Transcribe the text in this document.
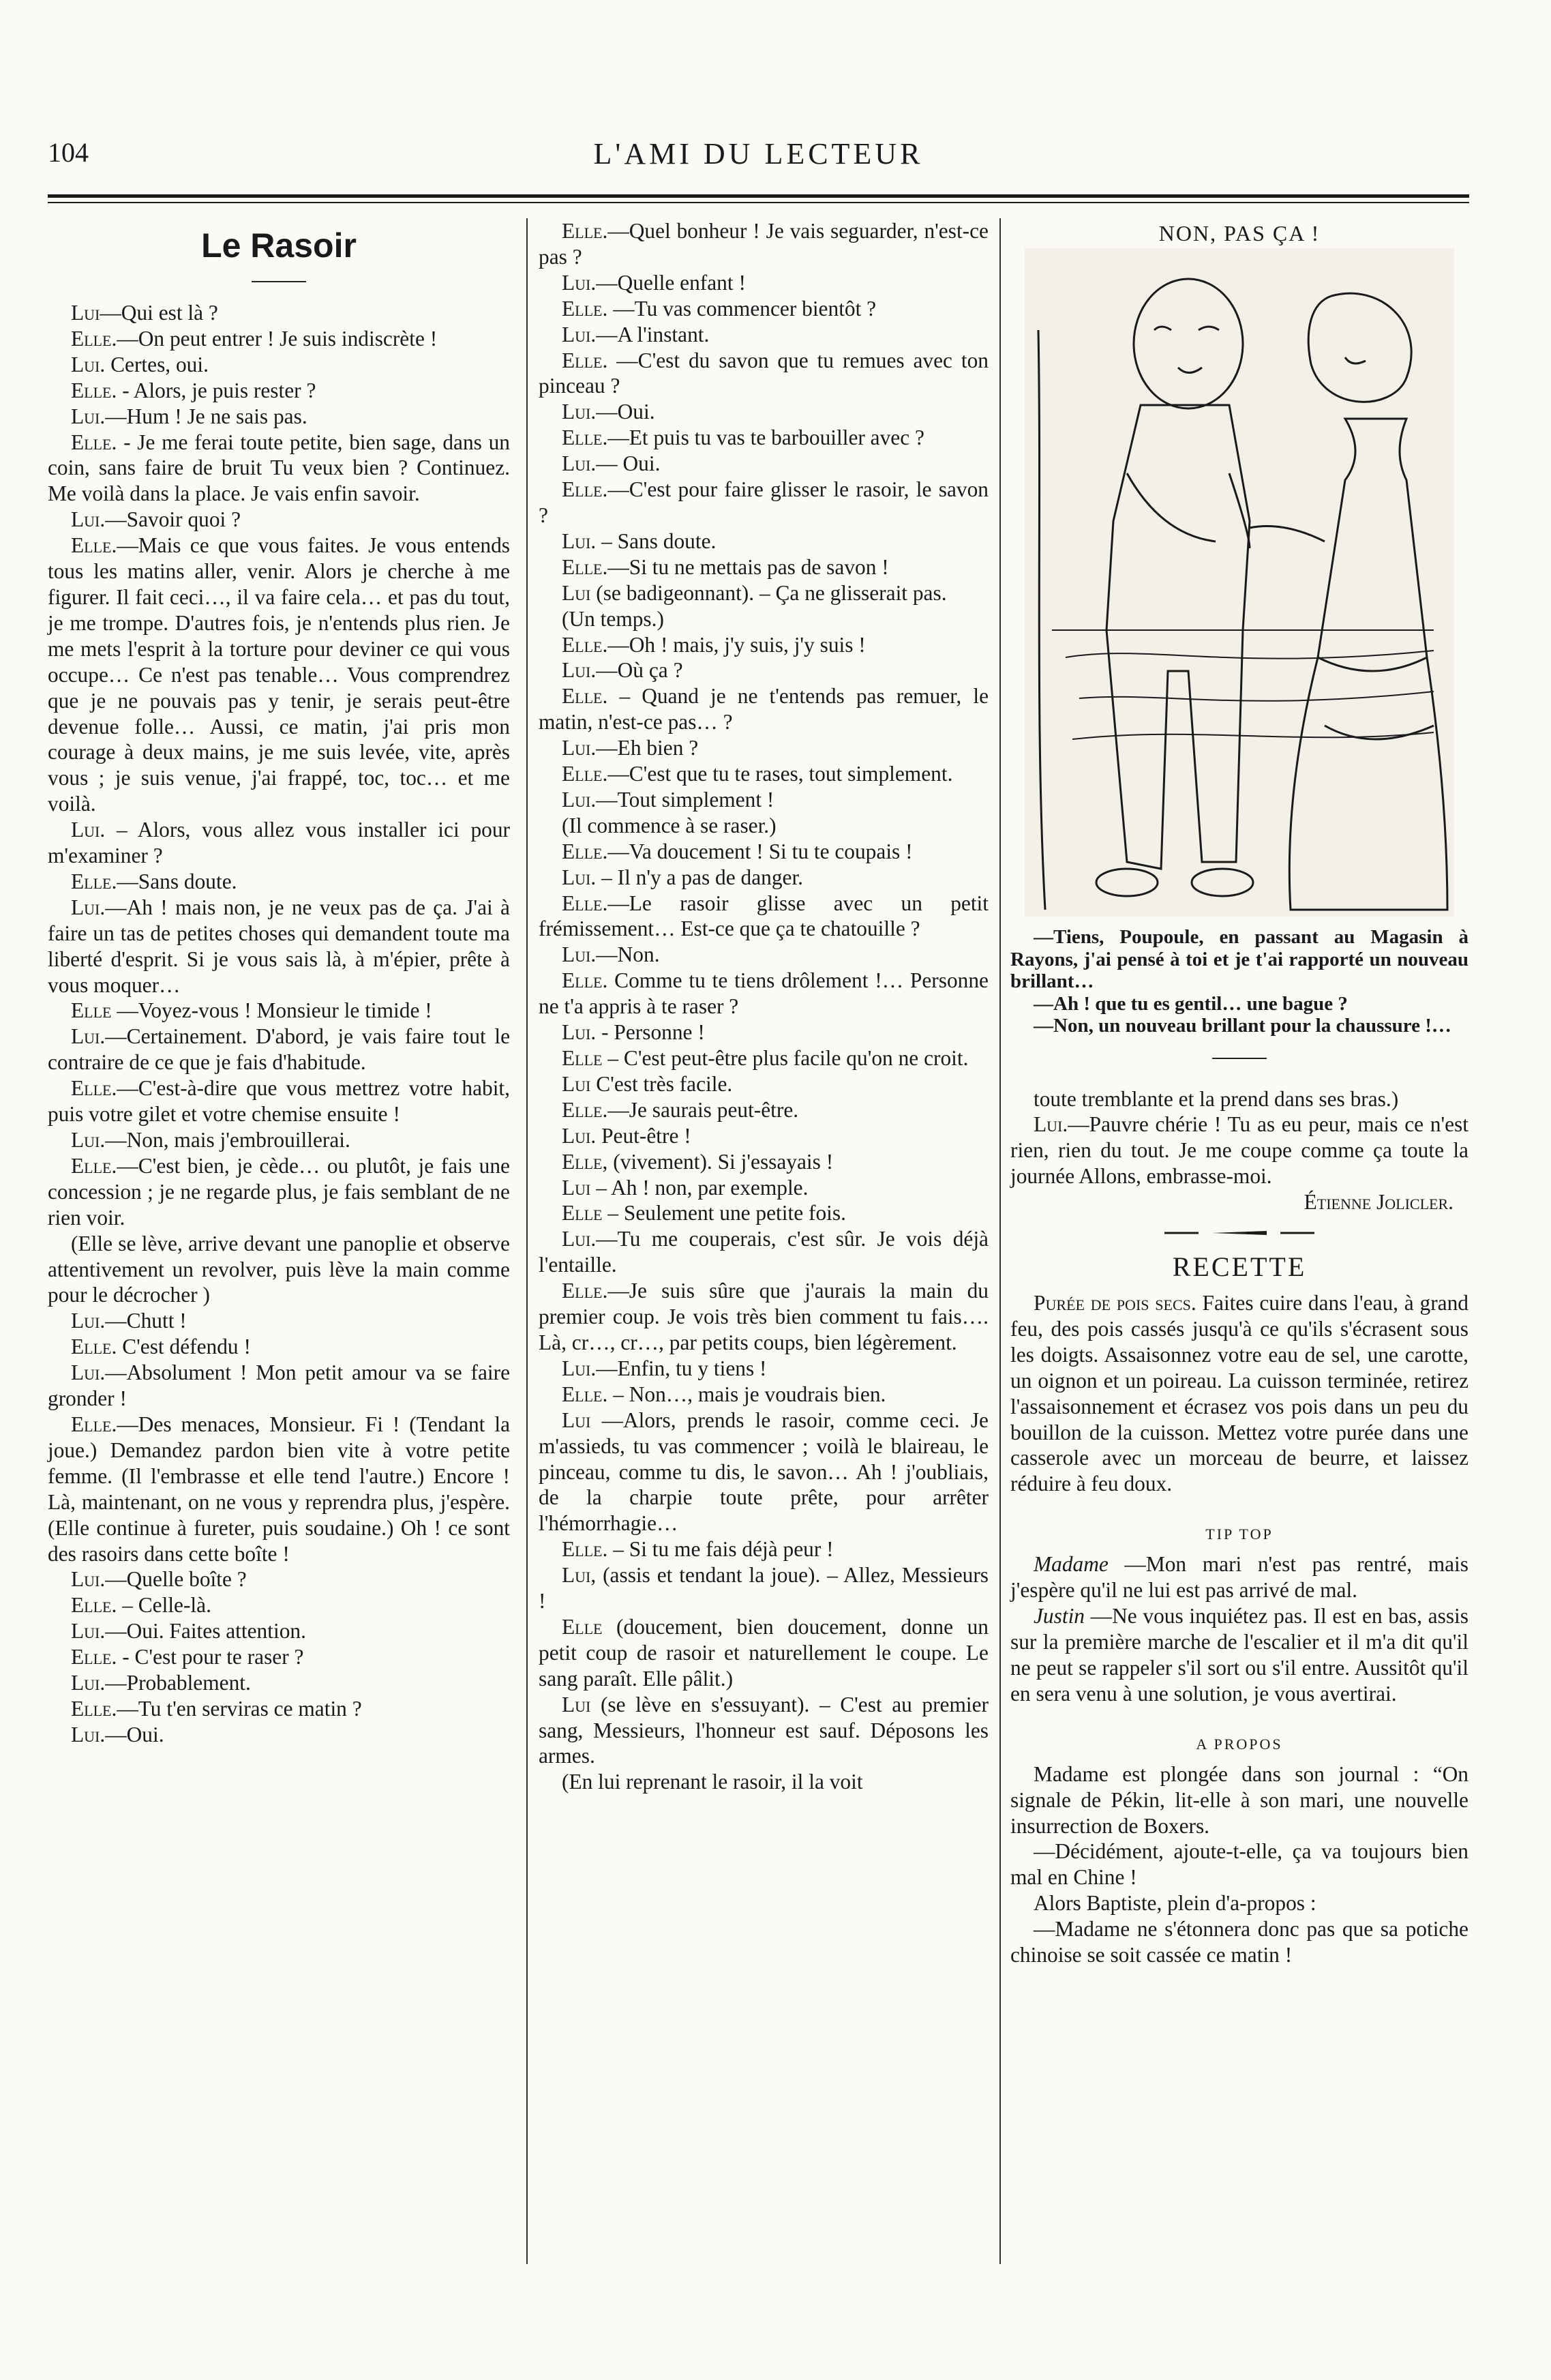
104	L'AMI DU LECTEUR
Le Rasoir

Lui—Qui est là ?

Elle.—On peut entrer ! Je suis indiscrète !

Lui. Certes, oui.

Elle. - Alors, je puis rester ?

Lui.—Hum ! Je ne sais pas.

Elle. - Je me ferai toute petite, bien sage, dans un coin, sans faire de bruit Tu veux bien ? Continuez. Me voilà dans la place. Je vais enfin savoir.

Lui.—Savoir quoi ?

Elle.—Mais ce que vous faites. Je vous entends tous les matins aller, venir. Alors je cherche à me figurer. Il fait ceci…, il va faire cela… et pas du tout, je me trompe. D'autres fois, je n'entends plus rien. Je me mets l'esprit à la torture pour deviner ce qui vous occupe… Ce n'est pas tenable… Vous comprendrez que je ne pouvais pas y tenir, je serais peut-être devenue folle… Aussi, ce matin, j'ai pris mon courage à deux mains, je me suis levée, vite, après vous ; je suis venue, j'ai frappé, toc, toc… et me voilà.

Lui. – Alors, vous allez vous installer ici pour m'examiner ?

Elle.—Sans doute.

Lui.—Ah ! mais non, je ne veux pas de ça. J'ai à faire un tas de petites choses qui demandent toute ma liberté d'esprit. Si je vous sais là, à m'épier, prête à vous moquer…

Elle —Voyez-vous ! Monsieur le timide !

Lui.—Certainement. D'abord, je vais faire tout le contraire de ce que je fais d'habitude.

Elle.—C'est-à-dire que vous mettrez votre habit, puis votre gilet et votre chemise ensuite !

Lui.—Non, mais j'embrouillerai.

Elle.—C'est bien, je cède… ou plutôt, je fais une concession ; je ne regarde plus, je fais semblant de ne rien voir.

(Elle se lève, arrive devant une panoplie et observe attentivement un revolver, puis lève la main comme pour le décrocher )

Lui.—Chutt !

Elle. C'est défendu !

Lui.—Absolument ! Mon petit amour va se faire gronder !

Elle.—Des menaces, Monsieur. Fi ! (Tendant la joue.) Demandez pardon bien vite à votre petite femme. (Il l'embrasse et elle tend l'autre.) Encore ! Là, maintenant, on ne vous y reprendra plus, j'espère. (Elle continue à fureter, puis soudaine.) Oh ! ce sont des rasoirs dans cette boîte !

Lui.—Quelle boîte ?

Elle. – Celle-là.

Lui.—Oui. Faites attention.

Elle. - C'est pour te raser ?

Lui.—Probablement.

Elle.—Tu t'en serviras ce matin ?

Lui.—Oui.

Elle.—Quel bonheur ! Je vais seguarder, n'est-ce pas ?

Lui.—Quelle enfant !

Elle. —Tu vas commencer bientôt ?

Lui.—A l'instant.

Elle. —C'est du savon que tu remues avec ton pinceau ?

Lui.—Oui.

Elle.—Et puis tu vas te barbouiller avec ?

Lui.— Oui.

Elle.—C'est pour faire glisser le rasoir, le savon ?

Lui. – Sans doute.

Elle.—Si tu ne mettais pas de savon !

Lui (se badigeonnant). – Ça ne glisserait pas.

(Un temps.)

Elle.—Oh ! mais, j'y suis, j'y suis !

Lui.—Où ça ?

Elle. – Quand je ne t'entends pas remuer, le matin, n'est-ce pas… ?

Lui.—Eh bien ?

Elle.—C'est que tu te rases, tout simplement.

Lui.—Tout simplement !

(Il commence à se raser.)

Elle.—Va doucement ! Si tu te coupais !

Lui. – Il n'y a pas de danger.

Elle.—Le rasoir glisse avec un petit frémissement… Est-ce que ça te chatouille ?

Lui.—Non.

Elle. Comme tu te tiens drôlement !… Personne ne t'a appris à te raser ?

Lui. - Personne !

Elle – C'est peut-être plus facile qu'on ne croit.

Lui C'est très facile.

Elle.—Je saurais peut-être.

Lui. Peut-être !

Elle, (vivement). Si j'essayais !

Lui – Ah ! non, par exemple.

Elle – Seulement une petite fois.

Lui.—Tu me couperais, c'est sûr. Je vois déjà l'entaille.

Elle.—Je suis sûre que j'aurais la main du premier coup. Je vois très bien comment tu fais…. Là, cr…, cr…, par petits coups, bien légèrement.

Lui.—Enfin, tu y tiens !

Elle. – Non…, mais je voudrais bien.

Lui —Alors, prends le rasoir, comme ceci. Je m'assieds, tu vas commencer ; voilà le blaireau, le pinceau, comme tu dis, le savon… Ah ! j'oubliais, de la charpie toute prête, pour arrêter l'hémorrhagie…

Elle. – Si tu me fais déjà peur !

Lui, (assis et tendant la joue). – Allez, Messieurs !

Elle (doucement, bien doucement, donne un petit coup de rasoir et naturellement le coupe. Le sang paraît. Elle pâlit.)

Lui (se lève en s'essuyant). – C'est au premier sang, Messieurs, l'honneur est sauf. Déposons les armes.

(En lui reprenant le rasoir, il la voit

NON, PAS ÇA !

—Tiens, Poupoule, en passant au Magasin à Rayons, j'ai pensé à toi et je t'ai rapporté un nouveau brillant…

—Ah ! que tu es gentil… une bague ?

—Non, un nouveau brillant pour la chaussure !…

toute tremblante et la prend dans ses bras.)

Lui.—Pauvre chérie ! Tu as eu peur, mais ce n'est rien, rien du tout. Je me coupe comme ça toute la journée Allons, embrasse-moi.

Étienne Jolicler.

RECETTE

Purée de pois secs. Faites cuire dans l'eau, à grand feu, des pois cassés jusqu'à ce qu'ils s'écrasent sous les doigts. Assaisonnez votre eau de sel, une carotte, un oignon et un poireau. La cuisson terminée, retirez l'assaisonnement et écrasez vos pois dans un peu du bouillon de la cuisson. Mettez votre purée dans une casserole avec un morceau de beurre, et laissez réduire à feu doux.

TIP TOP

Madame —Mon mari n'est pas rentré, mais j'espère qu'il ne lui est pas arrivé de mal.

Justin —Ne vous inquiétez pas. Il est en bas, assis sur la première marche de l'escalier et il m'a dit qu'il ne peut se rappeler s'il sort ou s'il entre. Aussitôt qu'il en sera venu à une solution, je vous avertirai.

A PROPOS

Madame est plongée dans son journal : “On signale de Pékin, lit-elle à son mari, une nouvelle insurrection de Boxers.

—Décidément, ajoute-t-elle, ça va toujours bien mal en Chine !

Alors Baptiste, plein d'a-propos :

—Madame ne s'étonnera donc pas que sa potiche chinoise se soit cassée ce matin !
